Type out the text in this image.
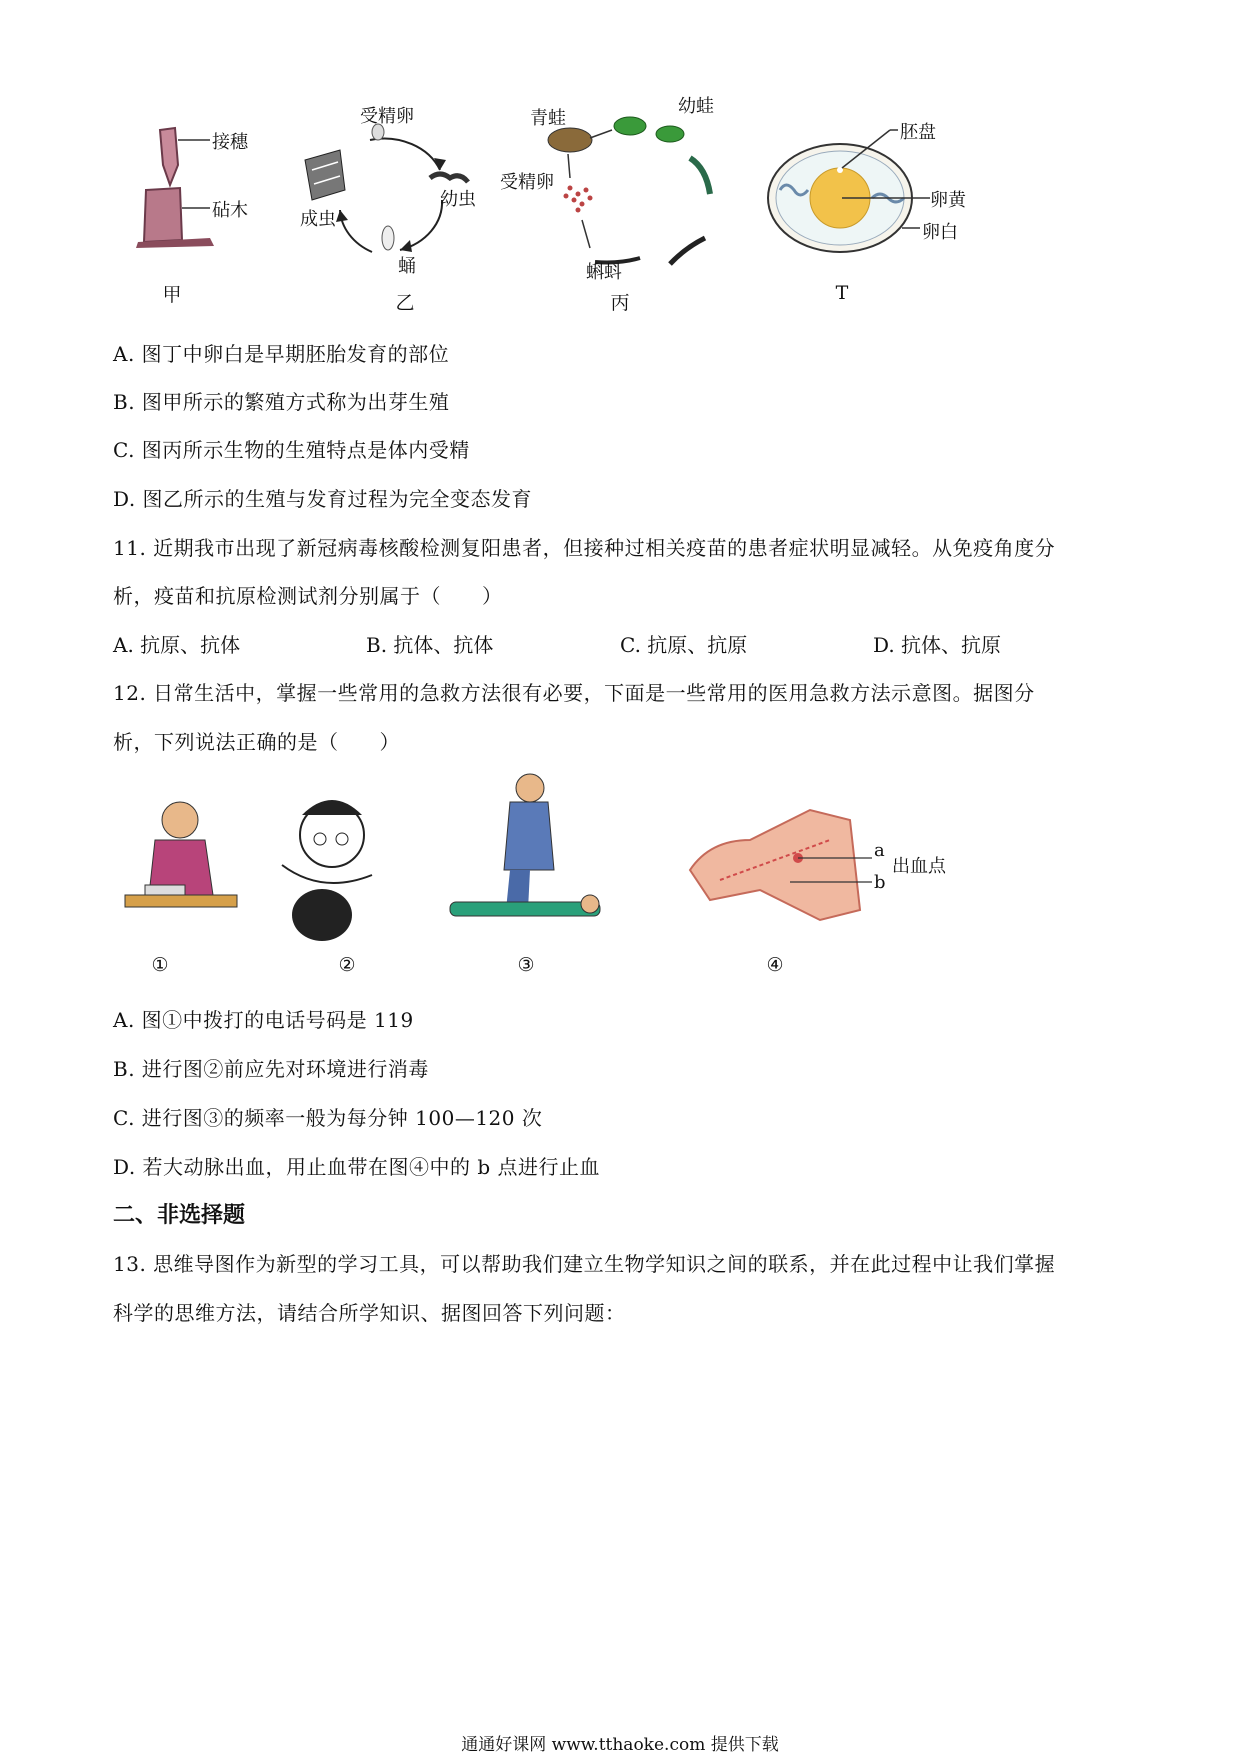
接穗
砧木
甲
受精卵
幼虫
成虫
蛹
乙
青蛙
幼蛙
受精卵
蝌蚪
丙
胚盘
卵黄
卵白
T
A. 图丁中卵白是早期胚胎发育的部位
B. 图甲所示的繁殖方式称为出芽生殖
C. 图丙所示生物的生殖特点是体内受精
D. 图乙所示的生殖与发育过程为完全变态发育
11. 近期我市出现了新冠病毒核酸检测复阳患者，但接种过相关疫苗的患者症状明显减轻。从免疫角度分
析，疫苗和抗原检测试剂分别属于（　　）
A. 抗原、抗体	B. 抗体、抗体	C. 抗原、抗原	D. 抗体、抗原
12. 日常生活中，掌握一些常用的急救方法很有必要，下面是一些常用的医用急救方法示意图。据图分
析，下列说法正确的是（　　）
a
出血点
b
①	②	③	④
A. 图①中拨打的电话号码是 119
B. 进行图②前应先对环境进行消毒
C. 进行图③的频率一般为每分钟 100—120 次
D. 若大动脉出血，用止血带在图④中的 b 点进行止血
二、非选择题
13. 思维导图作为新型的学习工具，可以帮助我们建立生物学知识之间的联系，并在此过程中让我们掌握
科学的思维方法，请结合所学知识、据图回答下列问题：
通通好课网 www.tthaoke.com 提供下载
